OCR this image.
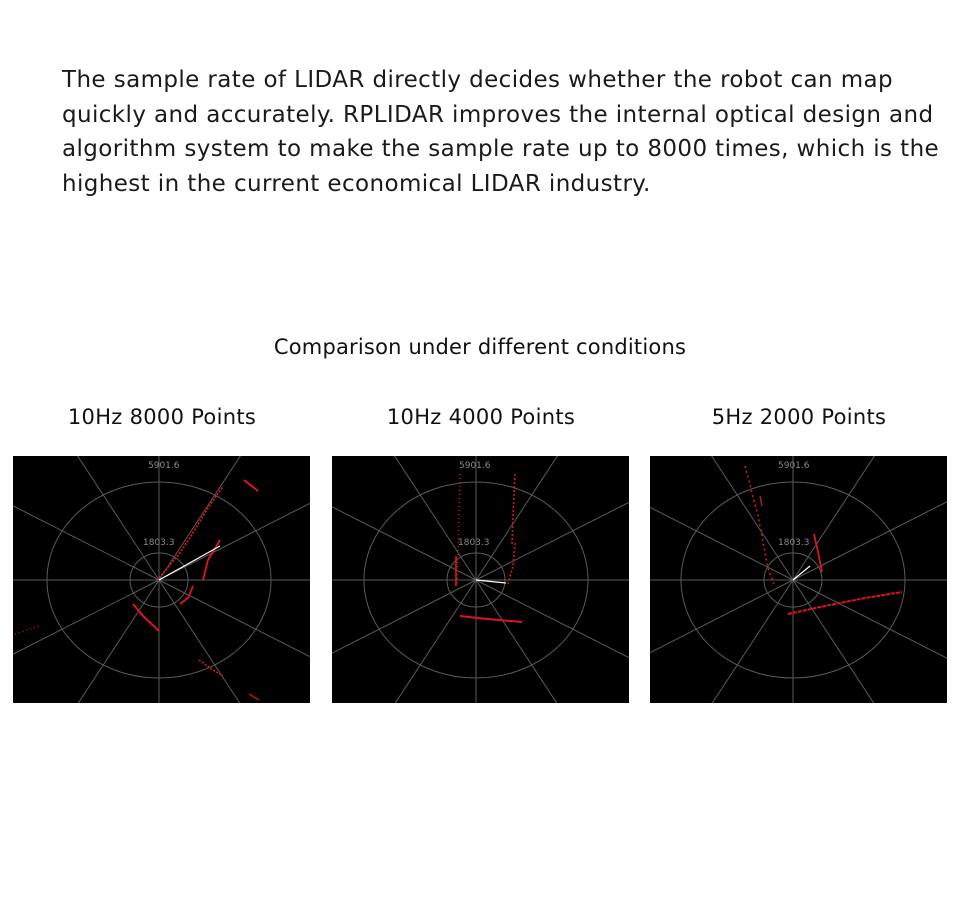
The sample rate of LIDAR directly decides whether the robot can map quickly and accurately. RPLIDAR improves the internal optical design and algorithm system to make the sample rate up to 8000 times, which is the highest in the current economical LIDAR industry.

Comparison under different conditions
10Hz 8000 Points
5901.6
1803.3
10Hz 4000 Points
5901.6
1803.3
5Hz 2000 Points
5901.6
1803.3
